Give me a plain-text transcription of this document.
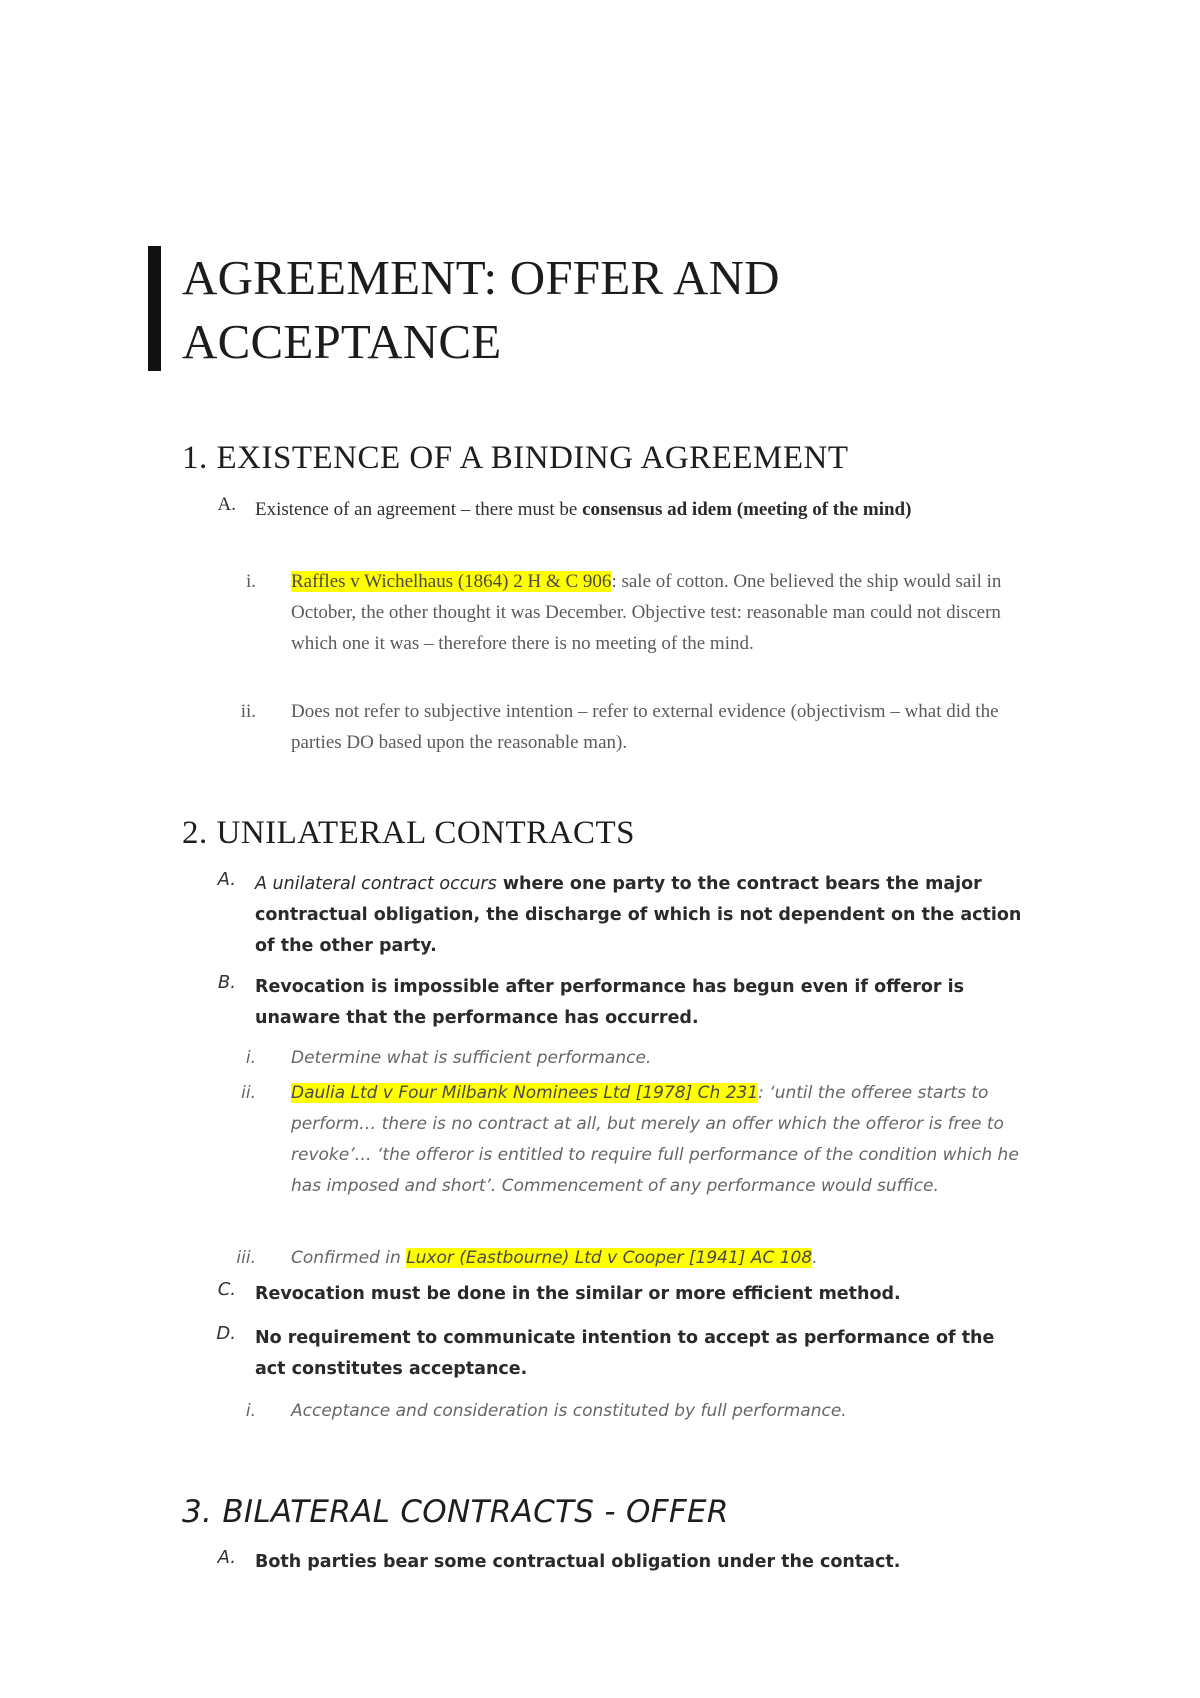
AGREEMENT: OFFER AND ACCEPTANCE
1. EXISTENCE OF A BINDING AGREEMENT
A. Existence of an agreement – there must be consensus ad idem (meeting of the mind)
i. Raffles v Wichelhaus (1864) 2 H & C 906: sale of cotton. One believed the ship would sail in October, the other thought it was December. Objective test: reasonable man could not discern which one it was – therefore there is no meeting of the mind.
ii. Does not refer to subjective intention – refer to external evidence (objectivism – what did the parties DO based upon the reasonable man).
2. UNILATERAL CONTRACTS
A. A unilateral contract occurs where one party to the contract bears the major contractual obligation, the discharge of which is not dependent on the action of the other party.
B. Revocation is impossible after performance has begun even if offeror is unaware that the performance has occurred.
i. Determine what is sufficient performance.
ii. Daulia Ltd v Four Milbank Nominees Ltd [1978] Ch 231: ‘until the offeree starts to perform… there is no contract at all, but merely an offer which the offeror is free to revoke’… ‘the offeror is entitled to require full performance of the condition which he has imposed and short’. Commencement of any performance would suffice.
iii. Confirmed in Luxor (Eastbourne) Ltd v Cooper [1941] AC 108.
C. Revocation must be done in the similar or more efficient method.
D. No requirement to communicate intention to accept as performance of the act constitutes acceptance.
i. Acceptance and consideration is constituted by full performance.
3. BILATERAL CONTRACTS - OFFER
A. Both parties bear some contractual obligation under the contact.
